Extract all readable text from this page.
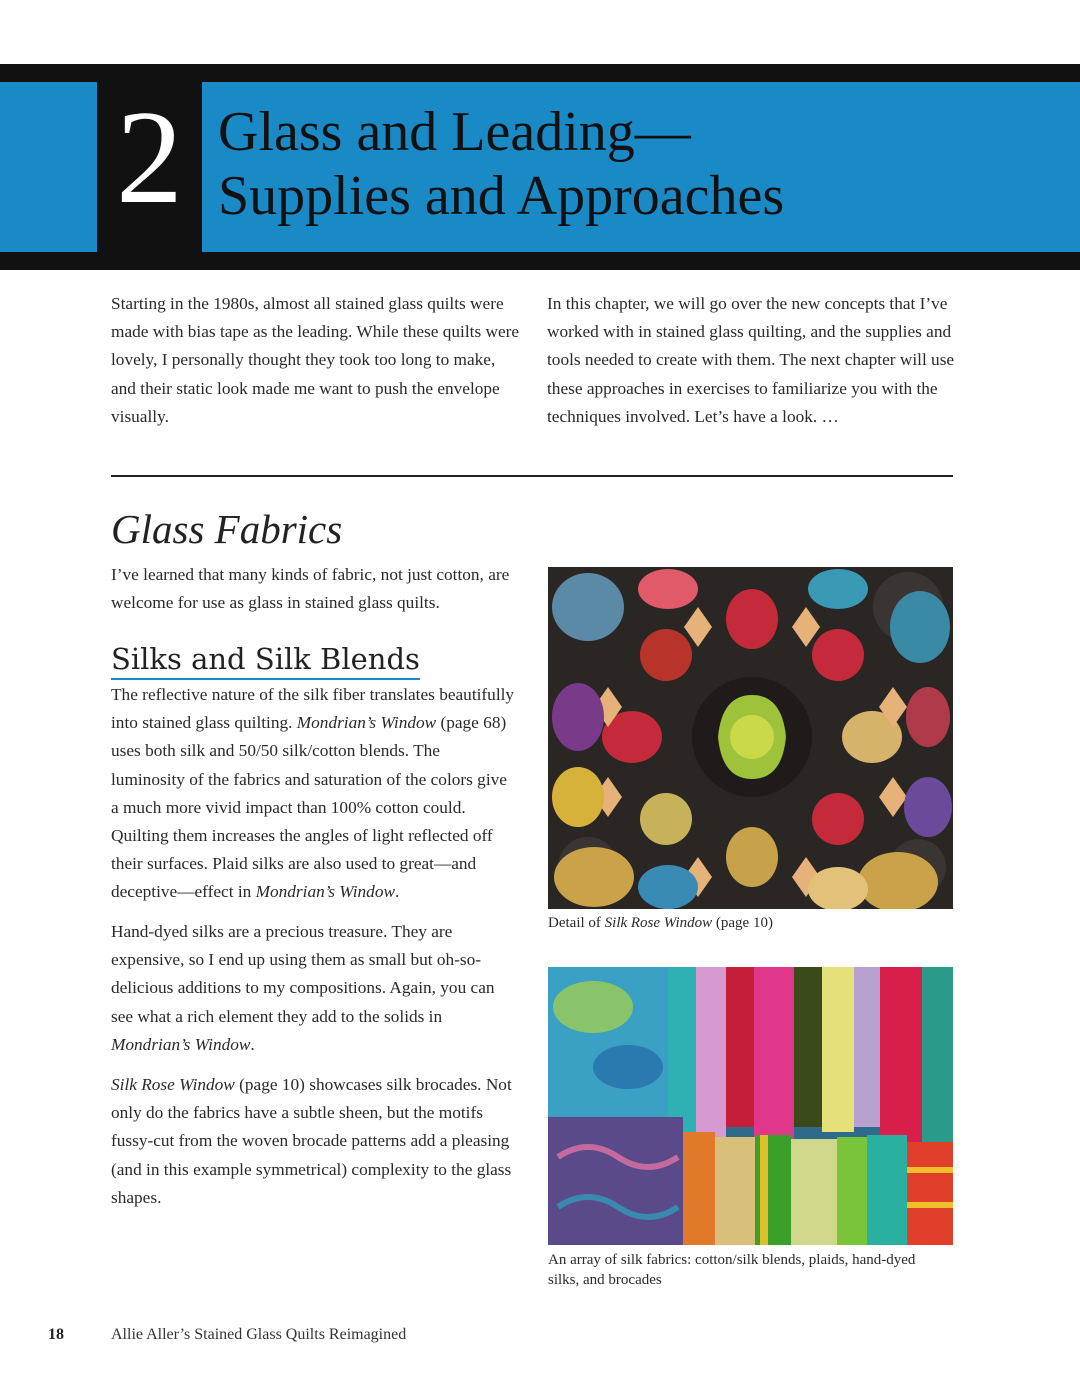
2 Glass and Leading—
Supplies and Approaches
Starting in the 1980s, almost all stained glass quilts were made with bias tape as the leading. While these quilts were lovely, I personally thought they took too long to make, and their static look made me want to push the envelope visually.
In this chapter, we will go over the new concepts that I’ve worked with in stained glass quilting, and the supplies and tools needed to create with them. The next chapter will use these approaches in exercises to familiarize you with the techniques involved. Let’s have a look. …
Glass Fabrics
I’ve learned that many kinds of fabric, not just cotton, are welcome for use as glass in stained glass quilts.
Silks and Silk Blends

The reflective nature of the silk fiber translates beautifully into stained glass quilting. Mondrian’s Window (page 68) uses both silk and 50/50 silk/cotton blends. The luminosity of the fabrics and saturation of the colors give a much more vivid impact than 100% cotton could. Quilting them increases the angles of light reflected off their surfaces. Plaid silks are also used to great—and deceptive—effect in Mondrian’s Window.

Hand-dyed silks are a precious treasure. They are expensive, so I end up using them as small but oh-so-delicious additions to my compositions. Again, you can see what a rich element they add to the solids in Mondrian’s Window.

Silk Rose Window (page 10) showcases silk brocades. Not only do the fabrics have a subtle sheen, but the motifs fussy-cut from the woven brocade patterns add a pleasing (and in this example symmetrical) complexity to the glass shapes.

Detail of Silk Rose Window (page 10)
An array of silk fabrics: cotton/silk blends, plaids, hand-dyed silks, and brocades
18	Allie Aller’s Stained Glass Quilts Reimagined
